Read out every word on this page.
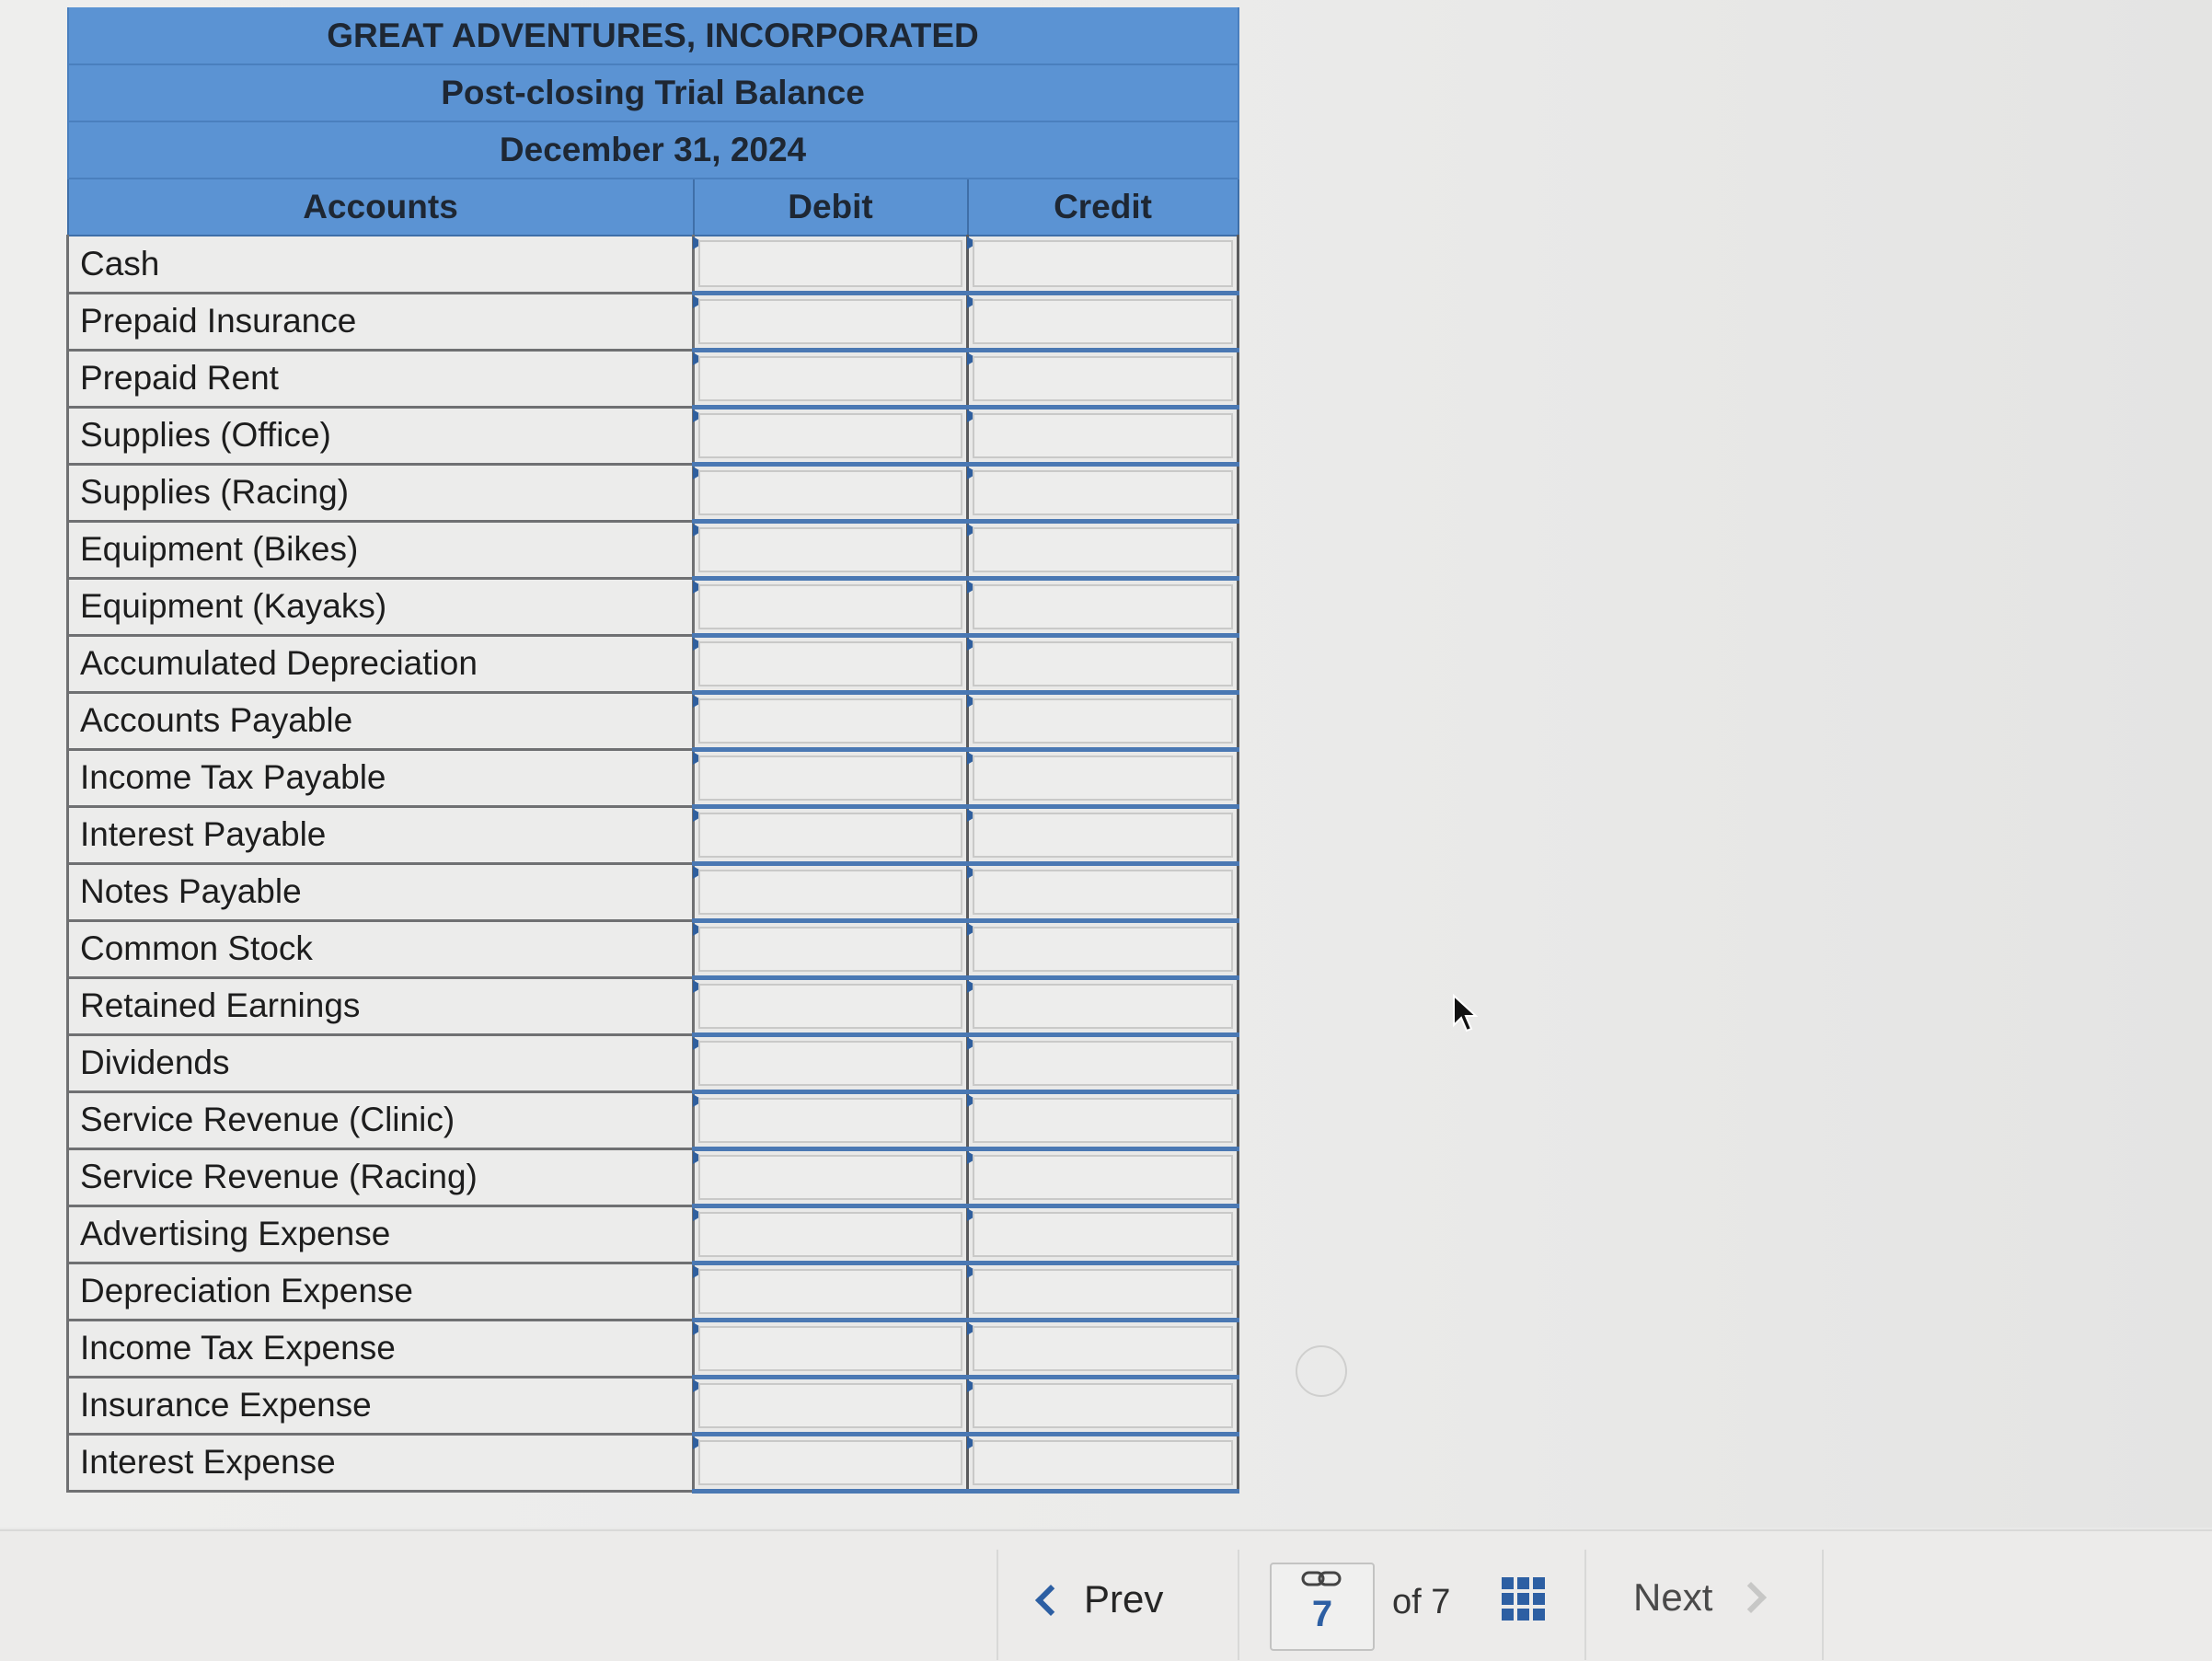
GREAT ADVENTURES, INCORPORATED		
Post-closing Trial Balance		
December 31, 2024		
Accounts	Debit	Credit
Cash	

Prepaid Insurance	

Prepaid Rent	

Supplies (Office)	

Supplies (Racing)	

Equipment (Bikes)	

Equipment (Kayaks)	

Accumulated Depreciation	

Accounts Payable	

Income Tax Payable	

Interest Payable	

Notes Payable	

Common Stock	

Retained Earnings	

Dividends	

Service Revenue (Clinic)	

Service Revenue (Racing)	

Advertising Expense	

Depreciation Expense	

Income Tax Expense	

Insurance Expense	

Interest Expense	

Prev	7	of 7	Next
